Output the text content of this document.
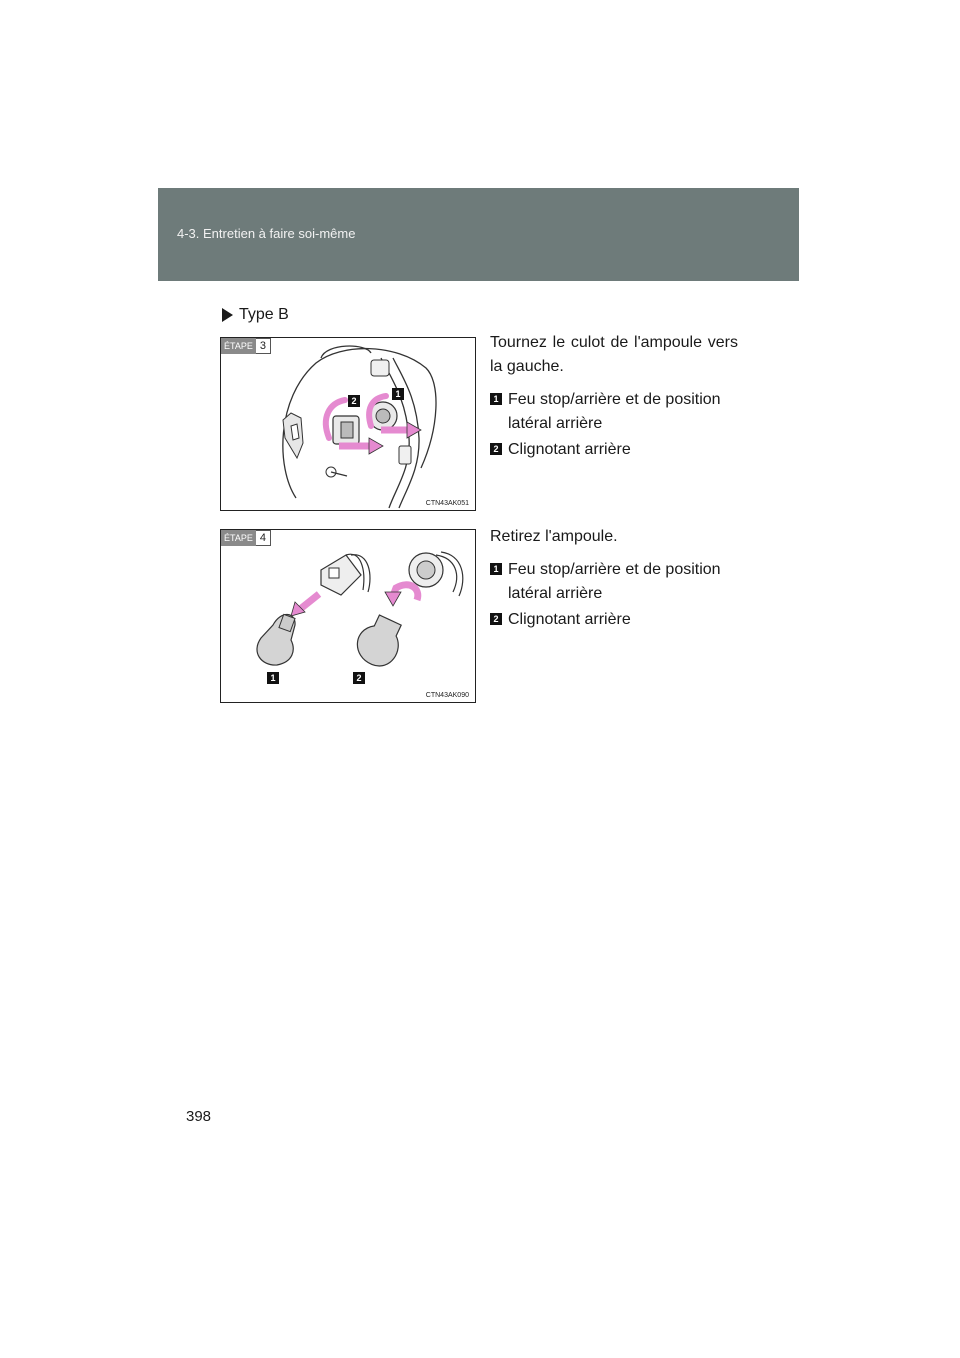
4-3. Entretien à faire soi-même
Type B
ÉTAPE 3
1
2
CTN43AK051

Tournez le culot de l'ampoule vers la gauche.

1 Feu stop/arrière et de position latéral arrière
2 Clignotant arrière
ÉTAPE 4
1	2
CTN43AK090

Retirez l'ampoule.

1 Feu stop/arrière et de position latéral arrière
2 Clignotant arrière
398
